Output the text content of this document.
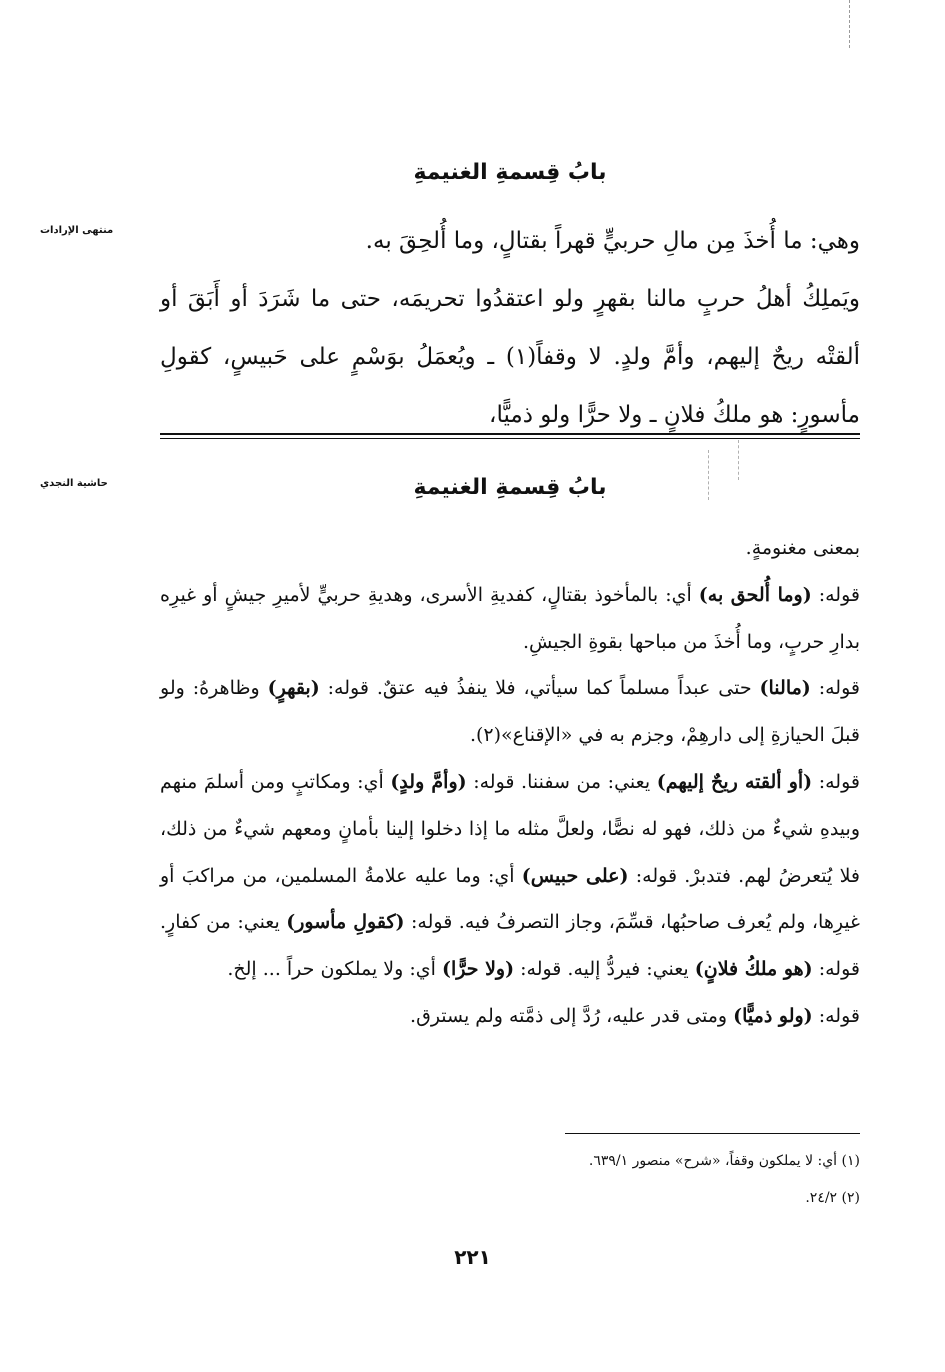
منتهى الإرادات
بابُ قِسمةِ الغنيمةِ

وهي: ما أُخذَ مِن مالِ حربيٍّ قهراً بقتالٍ، وما أُلحِقَ به.

ويَملِكُ أهلُ حربٍ مالنا بقهرٍ ولو اعتقدُوا تحريمَه، حتى ما شَرَدَ أو أَبَقَ أو ألقتْه ريحٌ إليهم، وأمَّ ولدٍ. لا وقفاً(١) ـ ويُعمَلُ بوَسْمٍ على حَبيسٍ، كقولِ مأسورٍ: هو ملكُ فلانٍ ـ ولا حرًّا ولو ذميًّا،

حاشية النجدي	بابُ قِسمةِ الغنيمةِ

بمعنى مغنومةٍ.

قوله: (وما أُلحق به) أي: بالمأخوذ بقتالٍ، كفديةِ الأسرى، وهديةِ حربيٍّ لأميرِ جيشٍ أو غيرِه بدارِ حربٍ، وما أُخذَ من مباحها بقوةِ الجيشِ.

قوله: (مالنا) حتى عبداً مسلماً كما سيأتي، فلا ينفذُ فيه عتقٌ. قوله: (بقهرٍ) وظاهرهُ: ولو قبلَ الحيازةِ إلى دارهِمْ، وجزم به في «الإقناع»(٢).

قوله: (أو ألقته ريحٌ إليهم) يعني: من سفننا. قوله: (وأمَّ ولدٍ) أي: ومكاتبٍ ومن أسلمَ منهم وبيدهِ شيءٌ من ذلك، فهو له نصًّا، ولعلَّ مثله ما إذا دخلوا إلينا بأمانٍ ومعهم شيءٌ من ذلك، فلا يُتعرضُ لهم. فتدبرْ. قوله: (على حبيس) أي: وما عليه علامةُ المسلمين، من مراكبَ أو غيرِها، ولم يُعرف صاحبُها، قسِّمَ، وجاز التصرفُ فيه. قوله: (كقولِ مأسور) يعني: من كفارٍ. قوله: (هو ملكُ فلانٍ) يعني: فيردُّ إليه. قوله: (ولا حرًّا) أي: ولا يملكون حراً ... إلخ.

قوله: (ولو ذميًّا) ومتى قدر عليه، رُدَّ إلى ذمَّته ولم يسترق.

(١) أي: لا يملكون وقفاً، «شرح» منصور ٦٣٩/١.

(٢) ٢٤/٢.

٢٢١
